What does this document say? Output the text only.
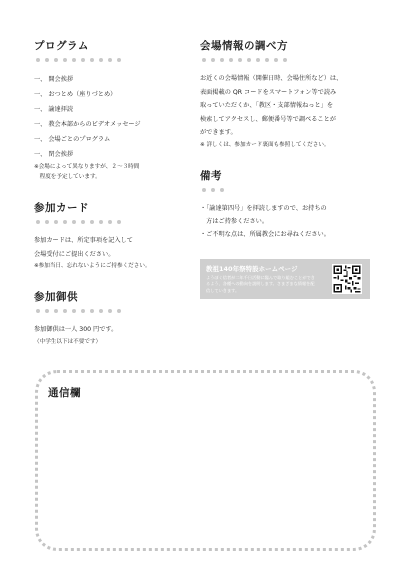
プログラム
一、 開会挨拶
一、 おつとめ（座りづとめ）
一、 諭達拝読
一、 教会本部からのビデオメッセージ
一、 会場ごとのプログラム
一、 閉会挨拶

※会場によって異なりますが、２～３時間

　程度を予定しています。

参加カード

参加カードは、所定事項を記入して

会場受付にご提出ください。

※参加当日、忘れないようにご持参ください。

参加御供

参加御供は一人 300 円です。

（中学生以下は不要です）

会場情報の調べ方

お近くの会場情報（開催日時、会場住所など）は、

表面掲載の QR コードをスマートフォン等で読み

取っていただくか、「教区・支部情報ねっと」を

検索してアクセスし、郵便番号等で調べることが

ができます。

※ 詳しくは、参加カード裏面も参照してください。

備考
・「諭達第四号」を拝読しますので、お持ちの
　方はご持参ください。
・ご不明な点は、所属教会にお尋ねください。
教祖140年祭特設ホームページ
ようぼく信者が二年千日活動に臨んで取り組むことができるよう、各種への動向を説明します。さまざまな情報を配信していきます。
通信欄
